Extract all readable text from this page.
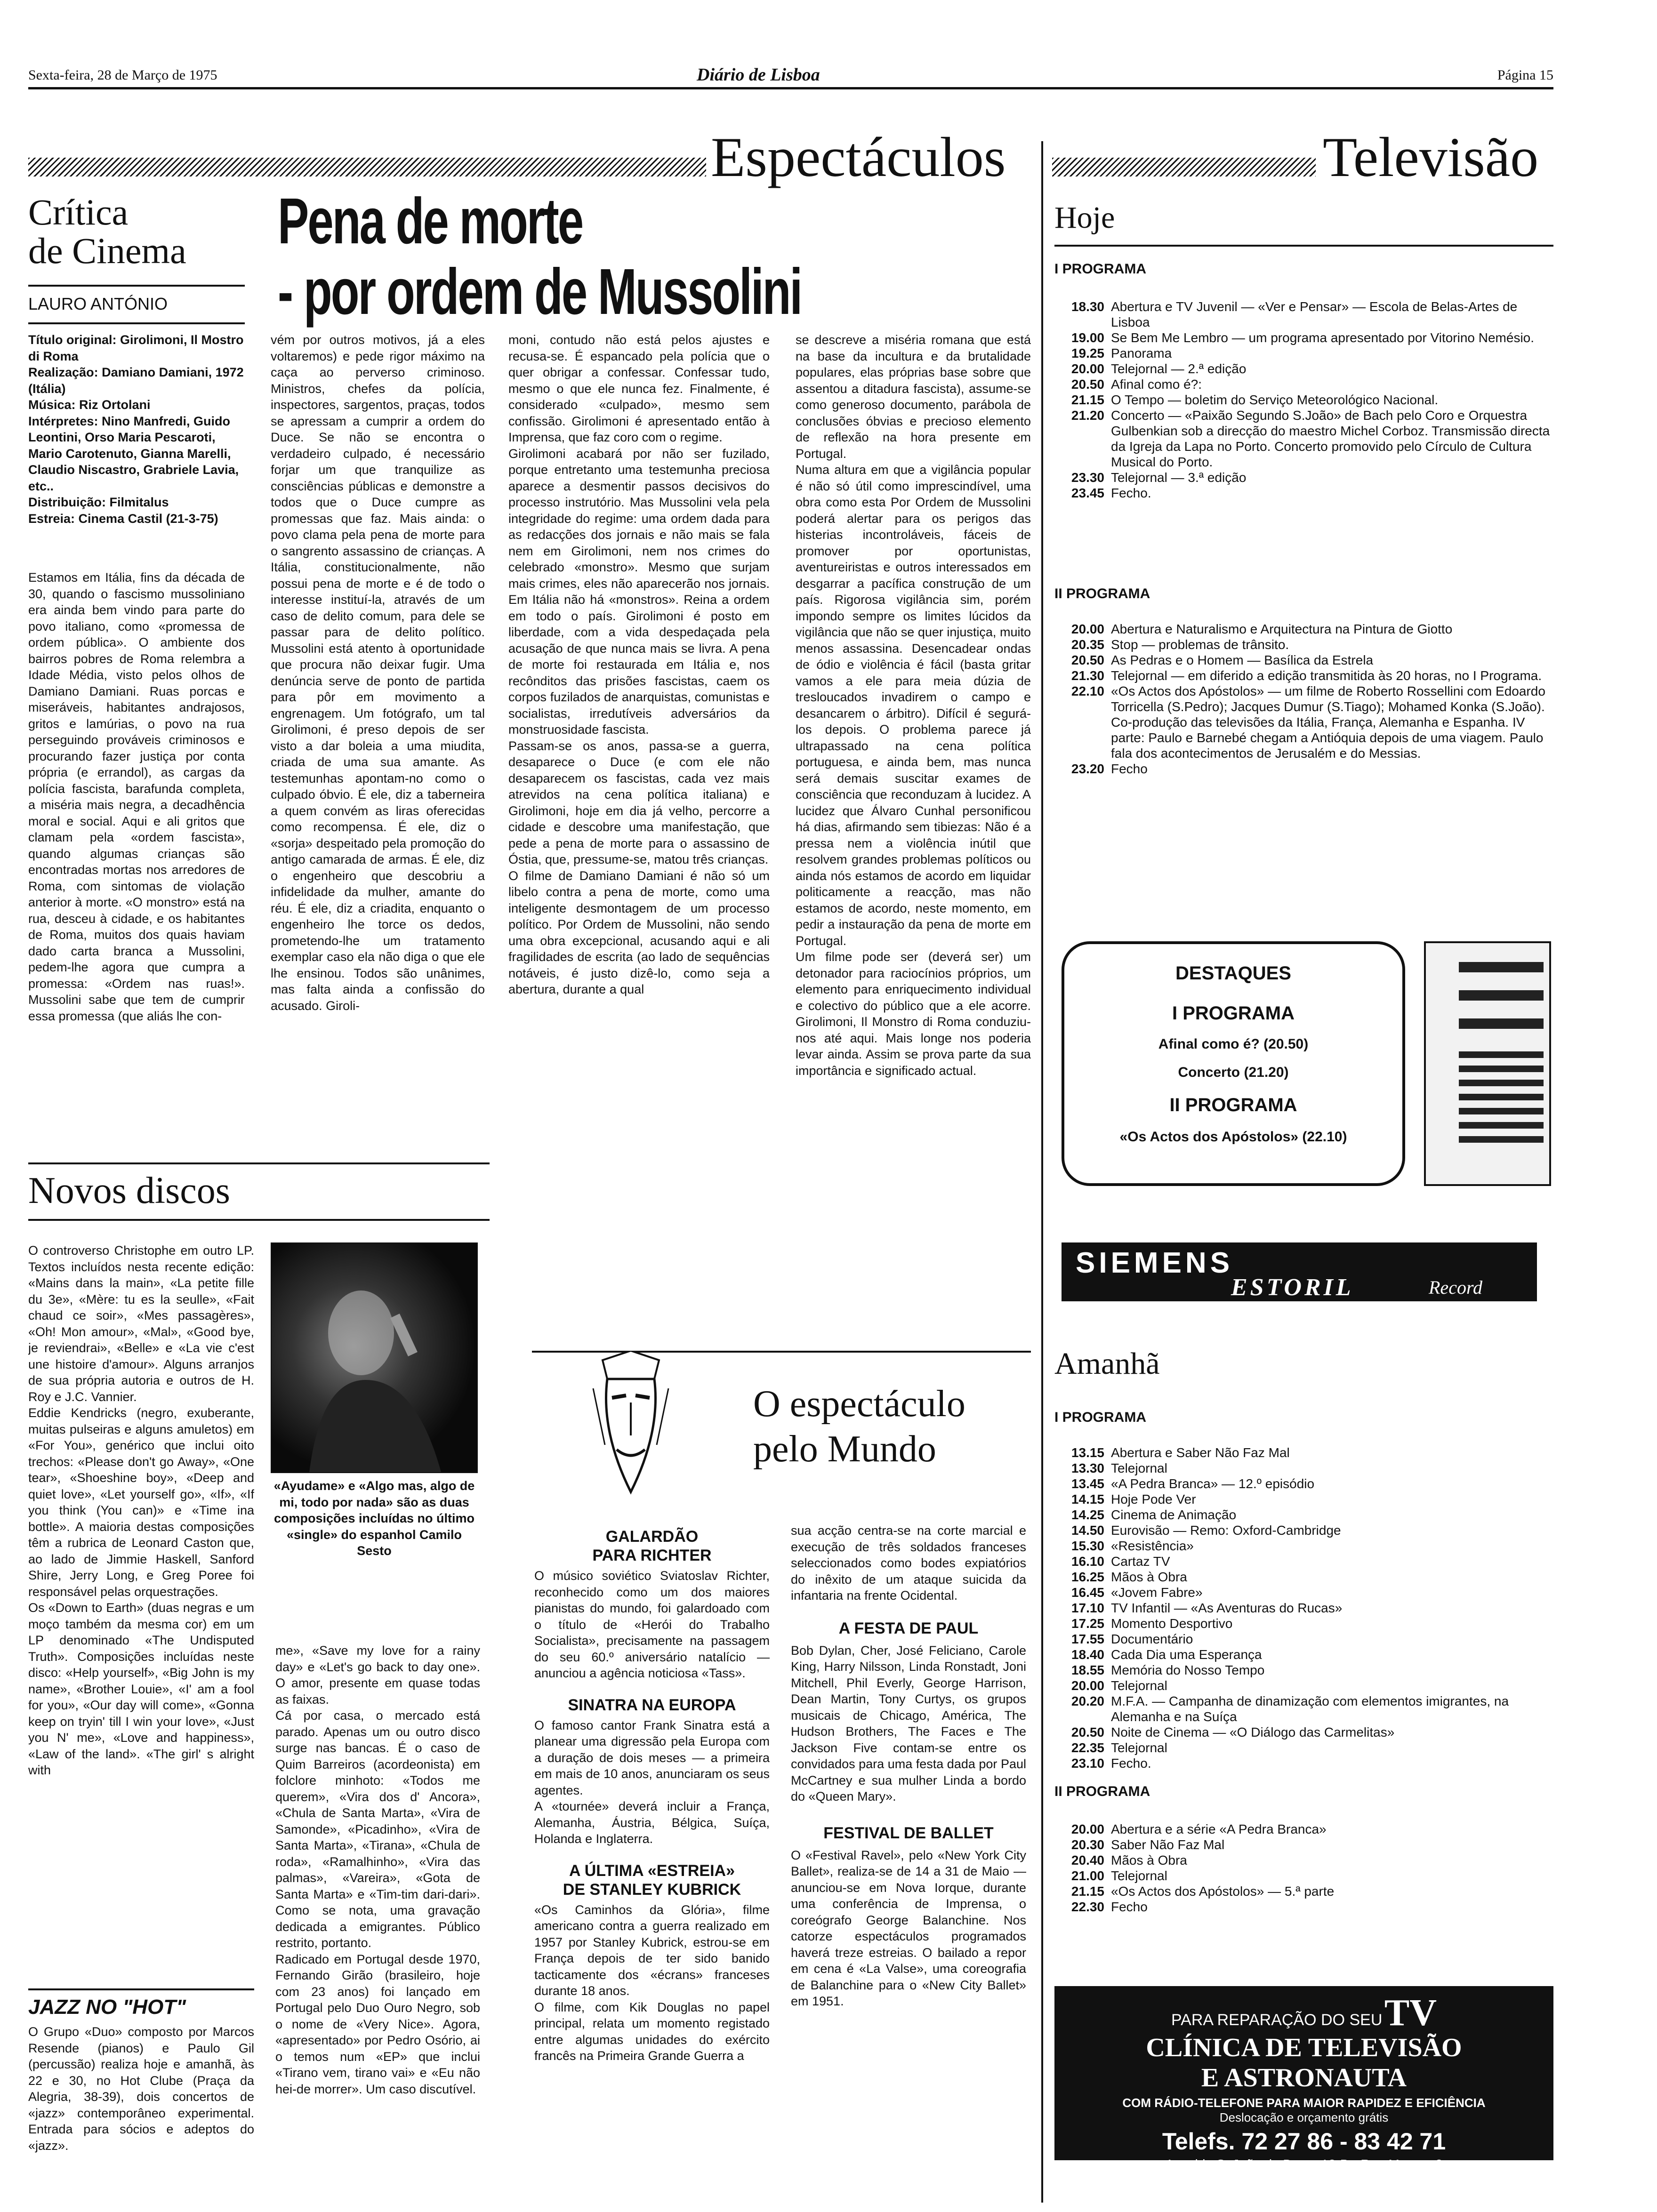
Sexta-feira, 28 de Março de 1975	Diário de Lisboa	Página 15
Espectáculos	Televisão
Crítica
de Cinema
LAURO ANTÓNIO
Pena de morte
- por ordem de Mussolini
Título original: Girolimoni, Il Mostro di Roma
Realização: Damiano Damiani, 1972 (Itália)
Música: Riz Ortolani
Intérpretes: Nino Manfredi, Guido Leontini, Orso Maria Pescaroti, Mario Carotenuto, Gianna Marelli, Claudio Niscastro, Grabriele Lavia, etc..
Distribuição: Filmitalus
Estreia: Cinema Castil (21-3-75)
Estamos em Itália, fins da década de 30, quando o fascismo mussoliniano era ainda bem vindo para parte do povo italiano, como «promessa de ordem pública». O ambiente dos bairros pobres de Roma relembra a Idade Média, visto pelos olhos de Damiano Damiani. Ruas porcas e miseráveis, habitantes andrajosos, gritos e lamúrias, o povo na rua perseguindo prováveis criminosos e procurando fazer justiça por conta própria (e errandol), as cargas da polícia fascista, barafunda completa, a miséria mais negra, a decadhência moral e social. Aqui e ali gritos que clamam pela «ordem fascista», quando algumas crianças são encontradas mortas nos arredores de Roma, com sintomas de violação anterior à morte. «O monstro» está na rua, desceu à cidade, e os habitantes de Roma, muitos dos quais haviam dado carta branca a Mussolini, pedem-lhe agora que cumpra a promessa: «Ordem nas ruas!». Mussolini sabe que tem de cumprir essa promessa (que aliás lhe con-
vém por outros motivos, já a eles voltaremos) e pede rigor máximo na caça ao perverso criminoso. Ministros, chefes da polícia, inspectores, sargentos, praças, todos se apressam a cumprir a ordem do Duce. Se não se encontra o verdadeiro culpado, é necessário forjar um que tranquilize as consciências públicas e demonstre a todos que o Duce cumpre as promessas que faz. Mais ainda: o povo clama pela pena de morte para o sangrento assassino de crianças. A Itália, constitucionalmente, não possui pena de morte e é de todo o interesse instituí-la, através de um caso de delito comum, para dele se passar para de delito político. Mussolini está atento à oportunidade que procura não deixar fugir. Uma denúncia serve de ponto de partida para pôr em movimento a engrenagem. Um fotógrafo, um tal Girolimoni, é preso depois de ser visto a dar boleia a uma miudita, criada de uma sua amante. As testemunhas apontam-no como o culpado óbvio. É ele, diz a taberneira a quem convém as liras oferecidas como recompensa. É ele, diz o «sorja» despeitado pela promoção do antigo camarada de armas. É ele, diz o engenheiro que descobriu a infidelidade da mulher, amante do réu. É ele, diz a criadita, enquanto o engenheiro lhe torce os dedos, prometendo-lhe um tratamento exemplar caso ela não diga o que ele lhe ensinou. Todos são unânimes, mas falta ainda a confissão do acusado. Giroli-
moni, contudo não está pelos ajustes e recusa-se. É espancado pela polícia que o quer obrigar a confessar. Confessar tudo, mesmo o que ele nunca fez. Finalmente, é considerado «culpado», mesmo sem confissão. Girolimoni é apresentado então à Imprensa, que faz coro com o regime.
Girolimoni acabará por não ser fuzilado, porque entretanto uma testemunha preciosa aparece a desmentir passos decisivos do processo instrutório. Mas Mussolini vela pela integridade do regime: uma ordem dada para as redacções dos jornais e não mais se fala nem em Girolimoni, nem nos crimes do celebrado «monstro». Mesmo que surjam mais crimes, eles não aparecerão nos jornais. Em Itália não há «monstros». Reina a ordem em todo o país. Girolimoni é posto em liberdade, com a vida despedaçada pela acusação de que nunca mais se livra. A pena de morte foi restaurada em Itália e, nos recônditos das prisões fascistas, caem os corpos fuzilados de anarquistas, comunistas e socialistas, irredutíveis adversários da monstruosidade fascista.
Passam-se os anos, passa-se a guerra, desaparece o Duce (e com ele não desaparecem os fascistas, cada vez mais atrevidos na cena política italiana) e Girolimoni, hoje em dia já velho, percorre a cidade e descobre uma manifestação, que pede a pena de morte para o assassino de Óstia, que, pressume-se, matou três crianças.
O filme de Damiano Damiani é não só um libelo contra a pena de morte, como uma inteligente desmontagem de um processo político. Por Ordem de Mussolini, não sendo uma obra excepcional, acusando aqui e ali fragilidades de escrita (ao lado de sequências notáveis, é justo dizê-lo, como seja a abertura, durante a qual
se descreve a miséria romana que está na base da incultura e da brutalidade populares, elas próprias base sobre que assentou a ditadura fascista), assume-se como generoso documento, parábola de conclusões óbvias e precioso elemento de reflexão na hora presente em Portugal.
Numa altura em que a vigilância popular é não só útil como imprescindível, uma obra como esta Por Ordem de Mussolini poderá alertar para os perigos das histerias incontroláveis, fáceis de promover por oportunistas, aventureiristas e outros interessados em desgarrar a pacífica construção de um país. Rigorosa vigilância sim, porém impondo sempre os limites lúcidos da vigilância que não se quer injustiça, muito menos assassina. Desencadear ondas de ódio e violência é fácil (basta gritar vamos a ele para meia dúzia de tresloucados invadirem o campo e desancarem o árbitro). Difícil é segurá-los depois. O problema parece já ultrapassado na cena política portuguesa, e ainda bem, mas nunca será demais suscitar exames de consciência que reconduzam à lucidez. A lucidez que Álvaro Cunhal personificou há dias, afirmando sem tibiezas: Não é a pressa nem a violência inútil que resolvem grandes problemas políticos ou ainda nós estamos de acordo em liquidar politicamente a reacção, mas não estamos de acordo, neste momento, em pedir a instauração da pena de morte em Portugal.
Um filme pode ser (deverá ser) um detonador para raciocínios próprios, um elemento para enriquecimento individual e colectivo do público que a ele acorre. Girolimoni, Il Monstro di Roma conduziu-nos até aqui. Mais longe nos poderia levar ainda. Assim se prova parte da sua importância e significado actual.
Novos discos
O controverso Christophe em outro LP. Textos incluídos nesta recente edição: «Mains dans la main», «La petite fille du 3e», «Mère: tu es la seulle», «Fait chaud ce soir», «Mes passagères», «Oh! Mon amour», «Mal», «Good bye, je reviendrai», «Belle» e «La vie c'est une histoire d'amour». Alguns arranjos de sua própria autoria e outros de H. Roy e J.C. Vannier.
Eddie Kendricks (negro, exuberante, muitas pulseiras e alguns amuletos) em «For You», genérico que inclui oito trechos: «Please don't go Away», «One tear», «Shoeshine boy», «Deep and quiet love», «Let yourself go», «If», «If you think (You can)» e «Time ina bottle». A maioria destas composições têm a rubrica de Leonard Caston que, ao lado de Jimmie Haskell, Sanford Shire, Jerry Long, e Greg Poree foi responsável pelas orquestrações.
Os «Down to Earth» (duas negras e um moço também da mesma cor) em um LP denominado «The Undisputed Truth». Composições incluídas neste disco: «Help yourself», «Big John is my name», «Brother Louie», «I' am a fool for you», «Our day will come», «Gonna keep on tryin' till I win your love», «Just you N' me», «Love and happiness», «Law of the land». «The girl' s alright with
«Ayudame» e «Algo mas, algo de mi, todo por nada» são as duas composições incluídas no último «single» do espanhol Camilo Sesto
me», «Save my love for a rainy day» e «Let's go back to day one». O amor, presente em quase todas as faixas.
Cá por casa, o mercado está parado. Apenas um ou outro disco surge nas bancas. É o caso de Quim Barreiros (acordeonista) em folclore minhoto: «Todos me querem», «Vira dos d' Ancora», «Chula de Santa Marta», «Vira de Samonde», «Picadinho», «Vira de Santa Marta», «Tirana», «Chula de roda», «Ramalhinho», «Vira das palmas», «Vareira», «Gota de Santa Marta» e «Tim-tim dari-dari». Como se nota, uma gravação dedicada a emigrantes. Público restrito, portanto.
Radicado em Portugal desde 1970, Fernando Girão (brasileiro, hoje com 23 anos) foi lançado em Portugal pelo Duo Ouro Negro, sob o nome de «Very Nice». Agora, «apresentado» por Pedro Osório, ai o temos num «EP» que inclui «Tirano vem, tirano vai» e «Eu não hei-de morrer». Um caso discutível.
JAZZ NO "HOT"
O Grupo «Duo» composto por Marcos Resende (pianos) e Paulo Gil (percussão) realiza hoje e amanhã, às 22 e 30, no Hot Clube (Praça da Alegria, 38-39), dois concertos de «jazz» contemporâneo experimental. Entrada para sócios e adeptos do «jazz».
O espectáculo
pelo Mundo
GALARDÃO
PARA RICHTER
O músico soviético Sviatoslav Richter, reconhecido como um dos maiores pianistas do mundo, foi galardoado com o título de «Herói do Trabalho Socialista», precisamente na passagem do seu 60.º aniversário natalício — anunciou a agência noticiosa «Tass».
SINATRA NA EUROPA
O famoso cantor Frank Sinatra está a planear uma digressão pela Europa com a duração de dois meses — a primeira em mais de 10 anos, anunciaram os seus agentes.
A «tournée» deverá incluir a França, Alemanha, Áustria, Bélgica, Suíça, Holanda e Inglaterra.
A ÚLTIMA «ESTREIA»
DE STANLEY KUBRICK
«Os Caminhos da Glória», filme americano contra a guerra realizado em 1957 por Stanley Kubrick, estrou-se em França depois de ter sido banido tacticamente dos «écrans» franceses durante 18 anos.
O filme, com Kik Douglas no papel principal, relata um momento registado entre algumas unidades do exército francês na Primeira Grande Guerra a
sua acção centra-se na corte marcial e execução de três soldados franceses seleccionados como bodes expiatórios do inêxito de um ataque suicida da infantaria na frente Ocidental.
A FESTA DE PAUL
Bob Dylan, Cher, José Feliciano, Carole King, Harry Nilsson, Linda Ronstadt, Joni Mitchell, Phil Everly, George Harrison, Dean Martin, Tony Curtys, os grupos musicais de Chicago, América, The Hudson Brothers, The Faces e The Jackson Five contam-se entre os convidados para uma festa dada por Paul McCartney e sua mulher Linda a bordo do «Queen Mary».
FESTIVAL DE BALLET
O «Festival Ravel», pelo «New York City Ballet», realiza-se de 14 a 31 de Maio — anunciou-se em Nova Iorque, durante uma conferência de Imprensa, o coreógrafo George Balanchine. Nos catorze espectáculos programados haverá treze estreias. O bailado a repor em cena é «La Valse», uma coreografia de Balanchine para o «New City Ballet» em 1951.
Hoje
I PROGRAMA
18.30 Abertura e TV Juvenil — «Ver e Pensar» — Escola de Belas-Artes de Lisboa
19.00 Se Bem Me Lembro — um programa apresentado por Vitorino Nemésio.
19.25 Panorama
20.00 Telejornal — 2.ª edição
20.50 Afinal como é?:
21.15 O Tempo — boletim do Serviço Meteorológico Nacional.
21.20 Concerto — «Paixão Segundo S.João» de Bach pelo Coro e Orquestra Gulbenkian sob a direcção do maestro Michel Corboz. Transmissão directa da Igreja da Lapa no Porto. Concerto promovido pelo Círculo de Cultura Musical do Porto.
23.30 Telejornal — 3.ª edição
23.45 Fecho.
II PROGRAMA
20.00 Abertura e Naturalismo e Arquitectura na Pintura de Giotto
20.35 Stop — problemas de trânsito.
20.50 As Pedras e o Homem — Basílica da Estrela
21.30 Telejornal — em diferido a edição transmitida às 20 horas, no I Programa.
22.10 «Os Actos dos Apóstolos» — um filme de Roberto Rossellini com Edoardo Torricella (S.Pedro); Jacques Dumur (S.Tiago); Mohamed Konka (S.João). Co-produção das televisões da Itália, França, Alemanha e Espanha. IV parte: Paulo e Barnebé chegam a Antióquia depois de uma viagem. Paulo fala dos acontecimentos de Jerusalém e do Messias.
23.20 Fecho
DESTAQUES
I PROGRAMA
Afinal como é? (20.50)
Concerto (21.20)
II PROGRAMA
«Os Actos dos Apóstolos» (22.10)
SIEMENS
ESTORIL	Record
Amanhã
I PROGRAMA
13.15 Abertura e Saber Não Faz Mal
13.30 Telejornal
13.45 «A Pedra Branca» — 12.º episódio
14.15 Hoje Pode Ver
14.25 Cinema de Animação
14.50 Eurovisão — Remo: Oxford-Cambridge
15.30 «Resistência»
16.10 Cartaz TV
16.25 Mãos à Obra
16.45 «Jovem Fabre»
17.10 TV Infantil — «As Aventuras do Rucas»
17.25 Momento Desportivo
17.55 Documentário
18.40 Cada Dia uma Esperança
18.55 Memória do Nosso Tempo
20.00 Telejornal
20.20 M.F.A. — Campanha de dinamização com elementos imigrantes, na Alemanha e na Suíça
20.50 Noite de Cinema — «O Diálogo das Carmelitas»
22.35 Telejornal
23.10 Fecho.
II PROGRAMA
20.00 Abertura e a série «A Pedra Branca»
20.30 Saber Não Faz Mal
20.40 Mãos à Obra
21.00 Telejornal
21.15 «Os Actos dos Apóstolos» — 5.ª parte
22.30 Fecho
PARA REPARAÇÃO DO SEU TV
CLÍNICA DE TELEVISÃO
E ASTRONAUTA
COM RÁDIO-TELEFONE PARA MAIOR RAPIDEZ E EFICIÊNCIA
Deslocação e orçamento grátis
Telefs. 72 27 86 - 83 42 71
Avenida S. João de Deus, 13-B · Rua Macau, 8
